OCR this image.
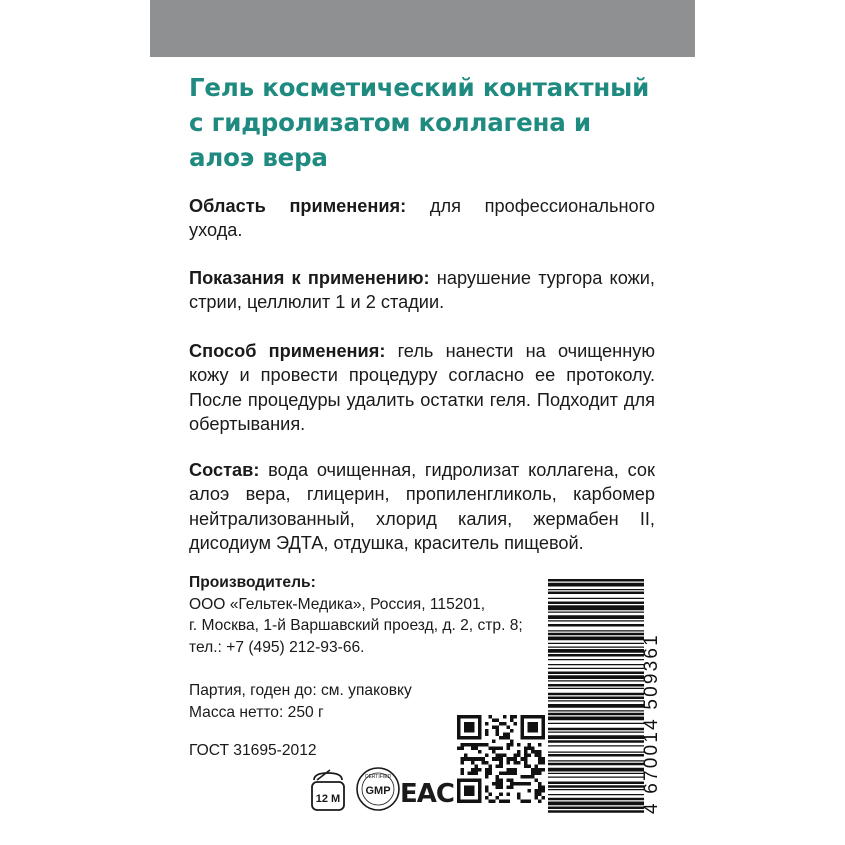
Гель косметический контактный с гидролизатом коллагена и алоэ вера

Область применения: для профессионального ухода.

Показания к применению: нарушение тургора кожи, стрии, целлюлит 1 и 2 стадии.

Способ применения: гель нанести на очищенную кожу и провести процедуру согласно ее протоколу. После процедуры удалить остатки геля. Подходит для обертывания.

Состав: вода очищенная, гидролизат коллагена, сок алоэ вера, глицерин, пропиленгликоль, карбомер нейтрализованный, хлорид калия, жермабен II, дисодиум ЭДТА, отдушка, краситель пищевой.

Производитель:
ООО «Гельтек-Медика», Россия, 115201,
г. Москва, 1-й Варшавский проезд, д. 2, стр. 8;
тел.: +7 (495) 212-93-66.
Партия, годен до: см. упаковку
Масса нетто: 250 г
ГОСТ 31695-2012	4 670014 509361
12 M
CERTIFIED
GMP ЕАС
